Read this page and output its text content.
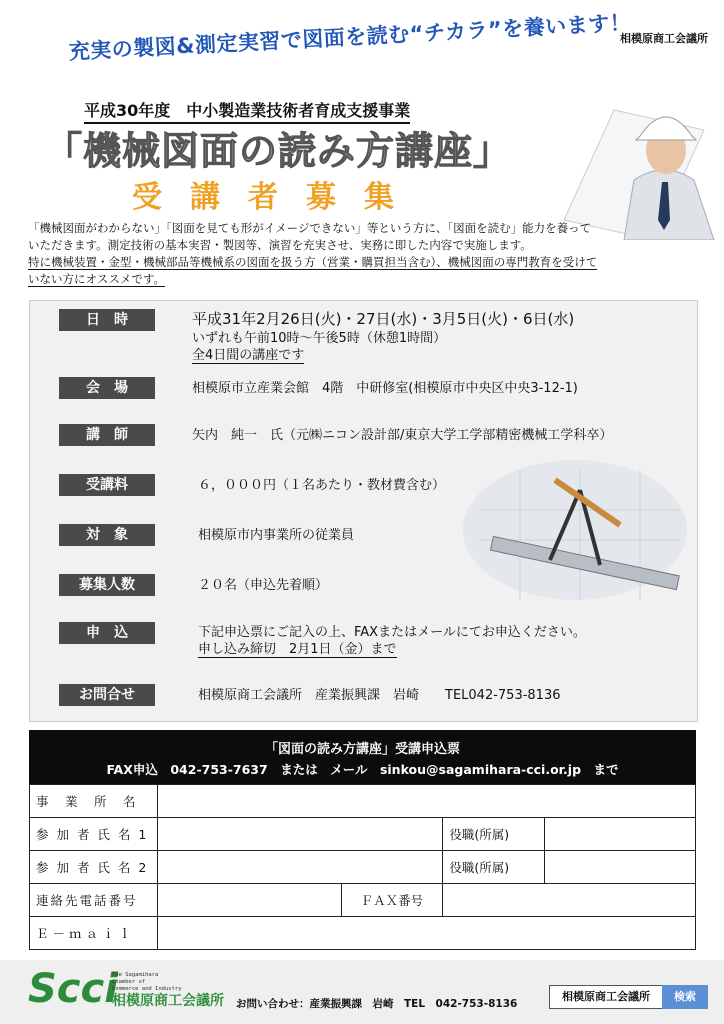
相模原商工会議所
充実の製図&測定実習で図面を読む“チカラ”を養います！
平成30年度　中小製造業技術者育成支援事業
「機械図面の読み方講座」
受講者募集
「機械図面がわからない」「図面を見ても形がイメージできない」等という方に、「図面を読む」能力を養って
いただきます。測定技術の基本実習・製図等、演習を充実させ、実務に即した内容で実施します。
特に機械装置・金型・機械部品等機械系の図面を扱う方（営業・購買担当含む）、機械図面の専門教育を受けて
いない方にオススメです。
日　時	平成31年2月26日(火)・27日(水)・3月5日(火)・6日(水)
いずれも午前10時～午後5時（休憩1時間）
全4日間の講座です
会　場	相模原市立産業会館　4階　中研修室(相模原市中央区中央3-12-1)
講　師	矢内　純一　氏（元㈱ニコン設計部/東京大学工学部精密機械工学科卒）
受講料	６，０００円（１名あたり・教材費含む）
対　象	相模原市内事業所の従業員
募集人数	２０名（申込先着順）
申　込	下記申込票にご記入の上、FAXまたはメールにてお申込ください。
申し込み締切　2月1日（金）まで
お問合せ	相模原商工会議所　産業振興課　岩崎　　TEL042-753-8136
「図面の読み方講座」受講申込票
FAX申込　042-753-7637　または　メール　sinkou@sagamihara-cci.or.jp　まで
事　業　所　名				
参 加 者 氏 名 1			役職(所属)	
参 加 者 氏 名 2			役職(所属)	
連絡先電話番号		ＦＡＸ番号		
Ｅ－ｍａｉｌ				
Scci
The Sagamihara
Chamber of
Commerce and Industry
相模原商工会議所 お問い合わせ：産業振興課　岩崎　TEL　042-753-8136
相模原商工会議所	検索
